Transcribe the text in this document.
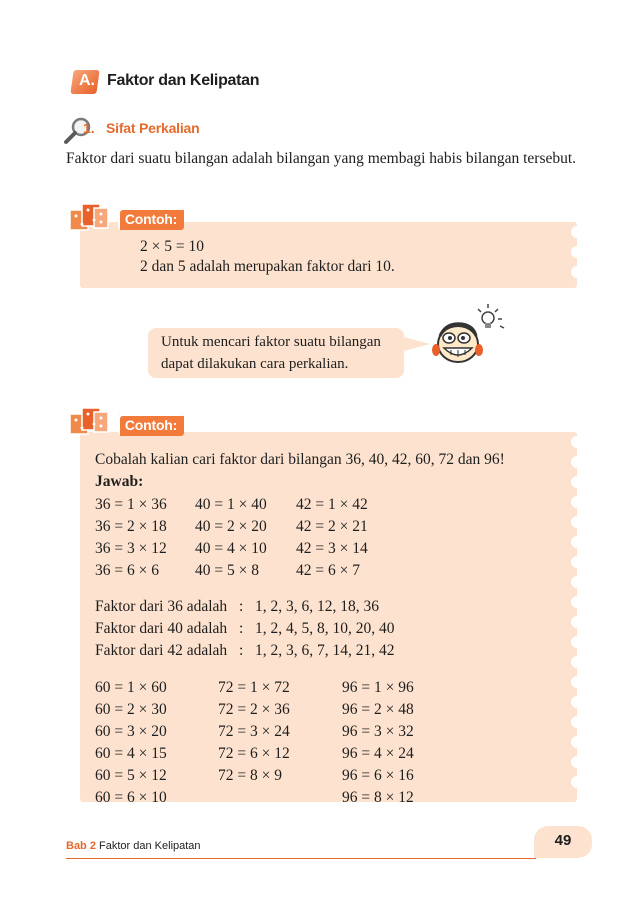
A. Faktor dan Kelipatan
1. Sifat Perkalian
Faktor dari suatu bilangan adalah bilangan yang membagi habis bilangan tersebut.
Contoh:
2 × 5 = 10
2 dan 5 adalah merupakan faktor dari 10.
Untuk mencari faktor suatu bilangan
dapat dilakukan cara perkalian.
Contoh:
Cobalah kalian cari faktor dari bilangan 36, 40, 42, 60, 72 dan 96!
Jawab:
36 = 1 × 36
36 = 2 × 18
36 = 3 × 12
36 = 6 × 6
40 = 1 × 40
40 = 2 × 20
40 = 4 × 10
40 = 5 × 8
42 = 1 × 42
42 = 2 × 21
42 = 3 × 14
42 = 6 × 7
Faktor dari 36 adalah : 1, 2, 3, 6, 12, 18, 36
Faktor dari 40 adalah : 1, 2, 4, 5, 8, 10, 20, 40
Faktor dari 42 adalah : 1, 2, 3, 6, 7, 14, 21, 42
60 = 1 × 60
60 = 2 × 30
60 = 3 × 20
60 = 4 × 15
60 = 5 × 12
60 = 6 × 10
72 = 1 × 72
72 = 2 × 36
72 = 3 × 24
72 = 6 × 12
72 = 8 × 9
96 = 1 × 96
96 = 2 × 48
96 = 3 × 32
96 = 4 × 24
96 = 6 × 16
96 = 8 × 12
Bab 2 Faktor dan Kelipatan	49
